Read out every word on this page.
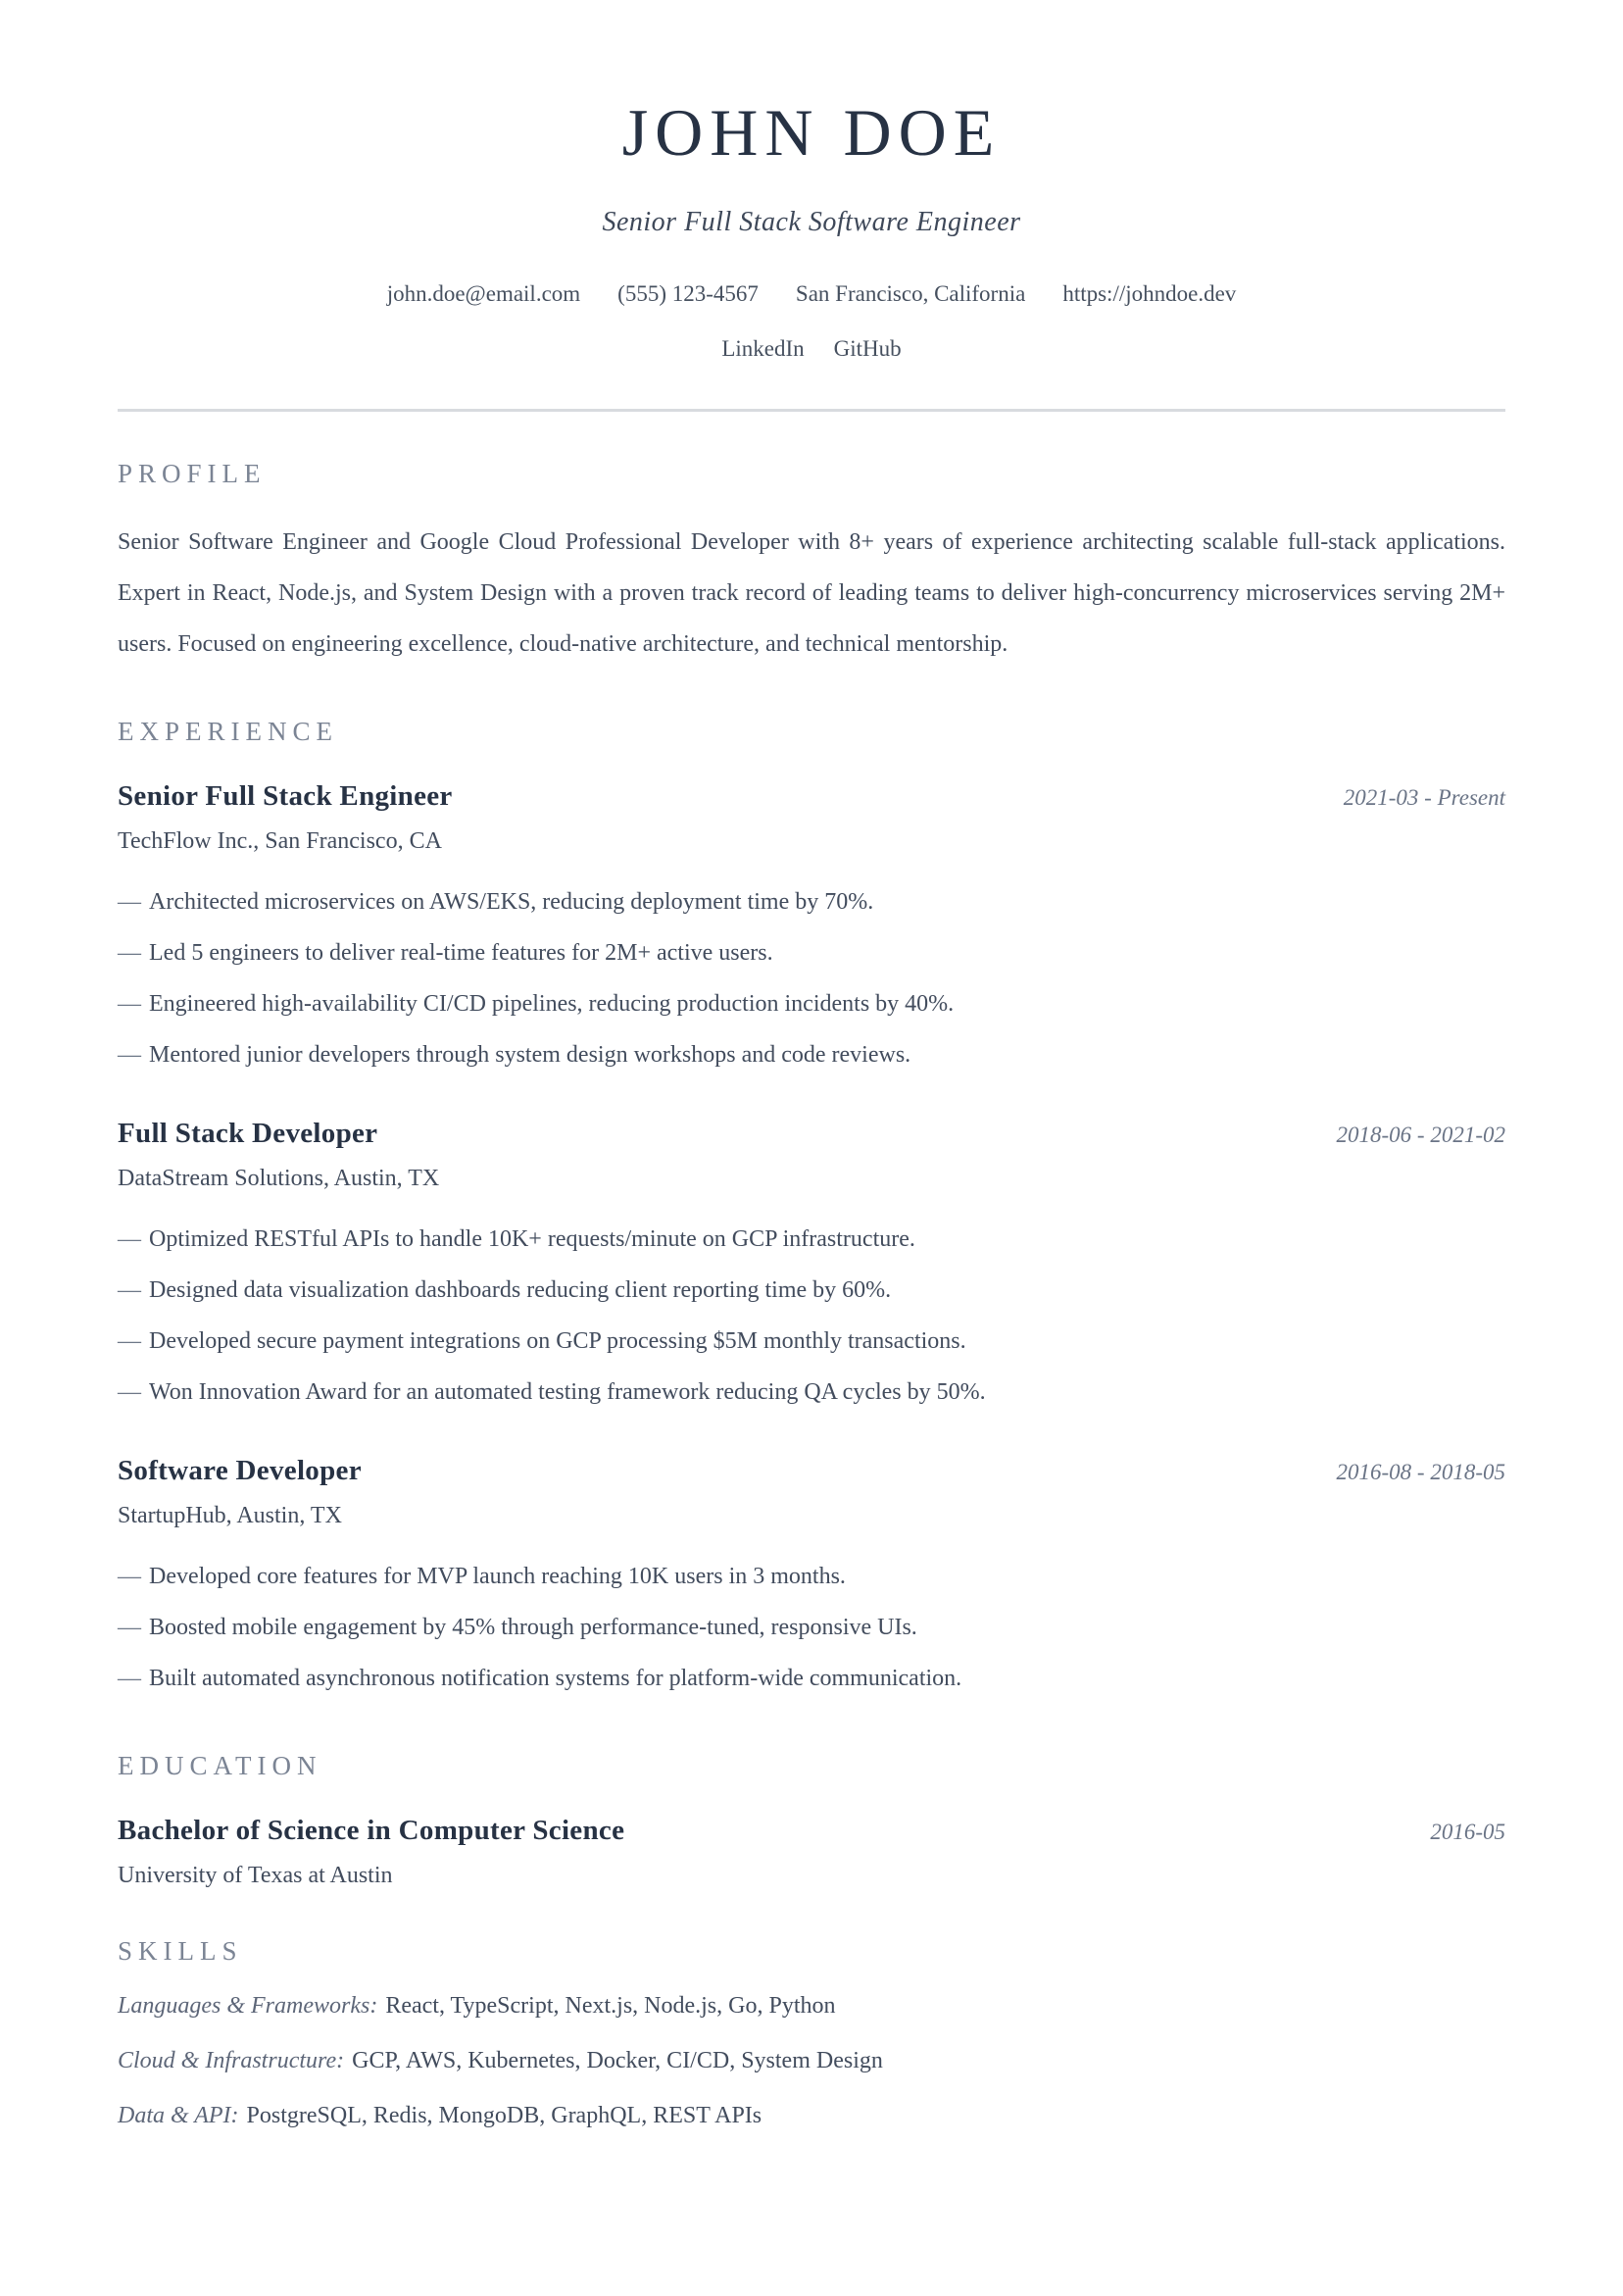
JOHN DOE
Senior Full Stack Software Engineer
john.doe@email.com (555) 123-4567 San Francisco, California https://johndoe.dev
LinkedIn GitHub
PROFILE

Senior Software Engineer and Google Cloud Professional Developer with 8+ years of experience architecting scalable full-stack applications. Expert in React, Node.js, and System Design with a proven track record of leading teams to deliver high-concurrency microservices serving 2M+ users. Focused on engineering excellence, cloud-native architecture, and technical mentorship.

EXPERIENCE
Senior Full Stack Engineer	2021-03 - Present
TechFlow Inc., San Francisco, CA
— Architected microservices on AWS/EKS, reducing deployment time by 70%.
— Led 5 engineers to deliver real-time features for 2M+ active users.
— Engineered high-availability CI/CD pipelines, reducing production incidents by 40%.
— Mentored junior developers through system design workshops and code reviews.
Full Stack Developer	2018-06 - 2021-02
DataStream Solutions, Austin, TX
— Optimized RESTful APIs to handle 10K+ requests/minute on GCP infrastructure.
— Designed data visualization dashboards reducing client reporting time by 60%.
— Developed secure payment integrations on GCP processing $5M monthly transactions.
— Won Innovation Award for an automated testing framework reducing QA cycles by 50%.
Software Developer	2016-08 - 2018-05
StartupHub, Austin, TX
— Developed core features for MVP launch reaching 10K users in 3 months.
— Boosted mobile engagement by 45% through performance-tuned, responsive UIs.
— Built automated asynchronous notification systems for platform-wide communication.
EDUCATION
Bachelor of Science in Computer Science	2016-05
University of Texas at Austin
SKILLS
Languages & Frameworks: React, TypeScript, Next.js, Node.js, Go, Python
Cloud & Infrastructure: GCP, AWS, Kubernetes, Docker, CI/CD, System Design
Data & API: PostgreSQL, Redis, MongoDB, GraphQL, REST APIs
